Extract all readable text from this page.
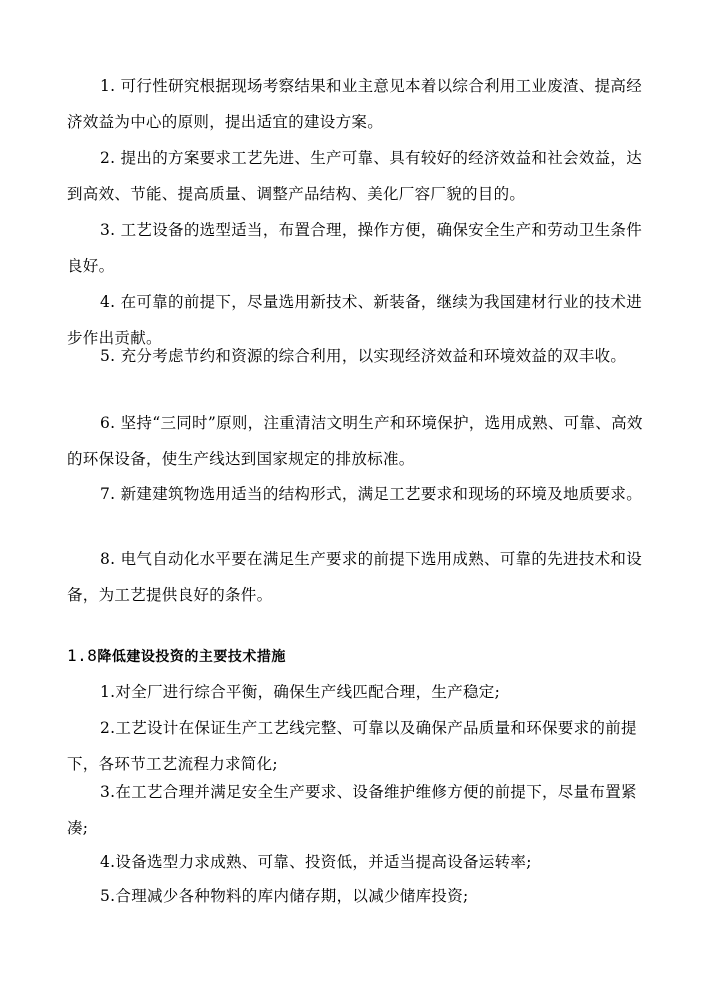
1. 可行性研究根据现场考察结果和业主意见本着以综合利用工业废渣、提高经济效益为中心的原则，提出适宜的建设方案。

2. 提出的方案要求工艺先进、生产可靠、具有较好的经济效益和社会效益，达到高效、节能、提高质量、调整产品结构、美化厂容厂貌的目的。

3. 工艺设备的选型适当，布置合理，操作方便，确保安全生产和劳动卫生条件良好。

4. 在可靠的前提下，尽量选用新技术、新装备，继续为我国建材行业的技术进步作出贡献。

5. 充分考虑节约和资源的综合利用，以实现经济效益和环境效益的双丰收。

6. 坚持“三同时”原则，注重清洁文明生产和环境保护，选用成熟、可靠、高效的环保设备，使生产线达到国家规定的排放标准。

7. 新建建筑物选用适当的结构形式，满足工艺要求和现场的环境及地质要求。

8. 电气自动化水平要在满足生产要求的前提下选用成熟、可靠的先进技术和设备，为工艺提供良好的条件。

1.8降低建设投资的主要技术措施

1.对全厂进行综合平衡，确保生产线匹配合理，生产稳定;

2.工艺设计在保证生产工艺线完整、可靠以及确保产品质量和环保要求的前提下，各环节工艺流程力求简化;

3.在工艺合理并满足安全生产要求、设备维护维修方便的前提下，尽量布置紧凑;

4.设备选型力求成熟、可靠、投资低，并适当提高设备运转率;

5.合理减少各种物料的库内储存期，以减少储库投资;
